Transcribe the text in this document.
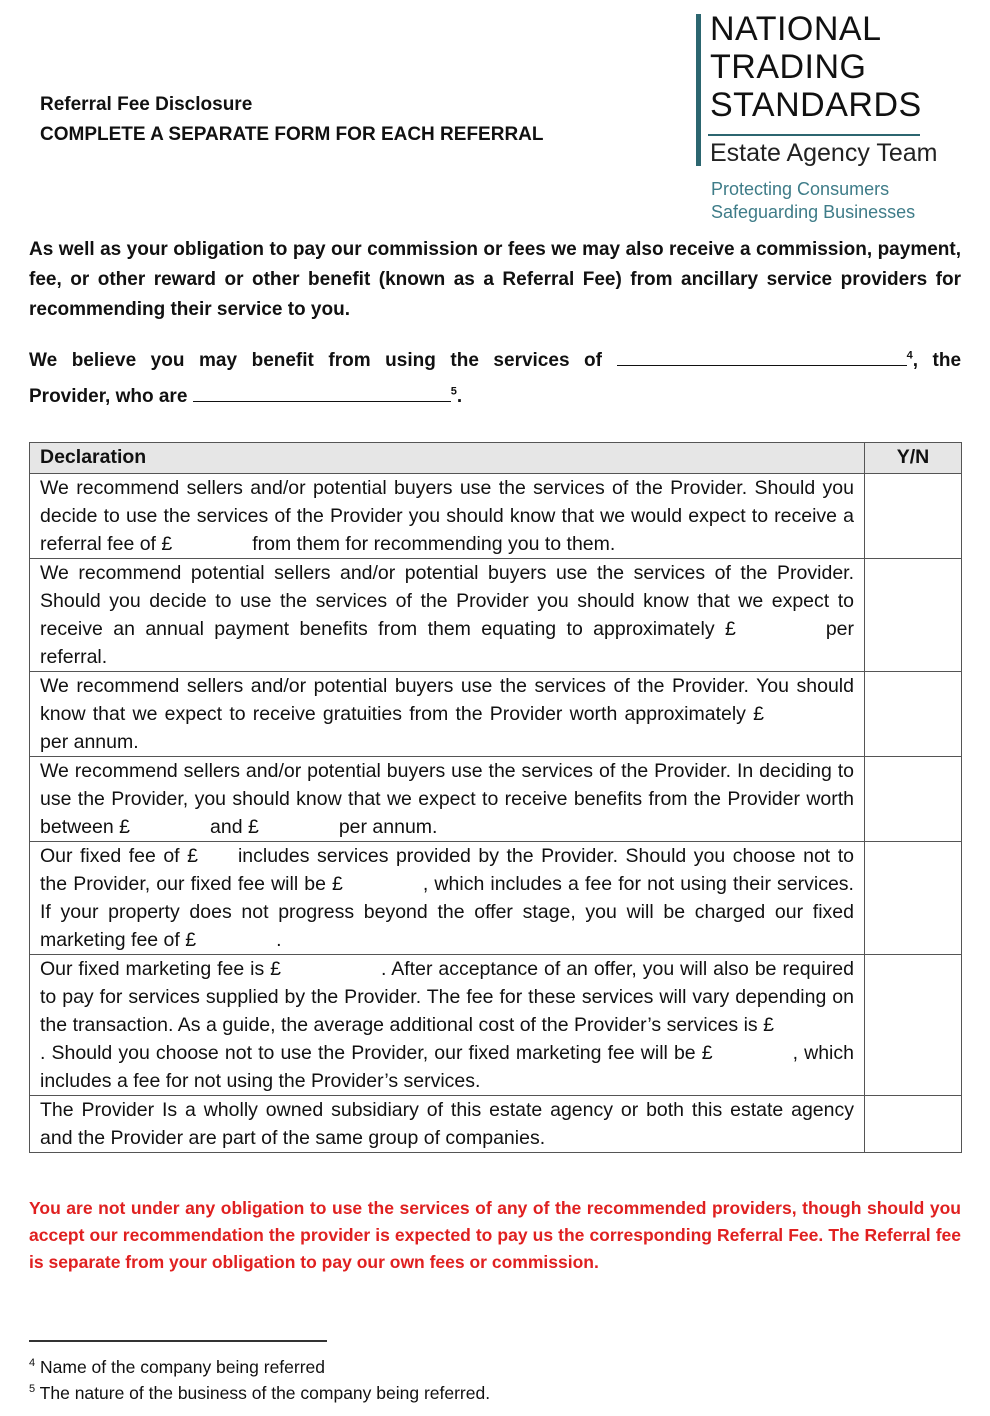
Referral Fee Disclosure
COMPLETE A SEPARATE FORM FOR EACH REFERRAL
NATIONAL
TRADING
STANDARDS
Estate Agency Team
Protecting Consumers
Safeguarding Businesses
As well as your obligation to pay our commission or fees we may also receive a commission, payment, fee, or other reward or other benefit (known as a Referral Fee) from ancillary service providers for recommending their service to you.
We believe you may benefit from using the services of	$^4$, the
Provider, who are	$^5$.
Declaration	Y/N
We recommend sellers and/or potential buyers use the services of the Provider. Should you decide to use the services of the Provider you should know that we would expect to receive a referral fee of £ from them for recommending you to them.	
We recommend potential sellers and/or potential buyers use the services of the Provider. Should you decide to use the services of the Provider you should know that we expect to receive an annual payment benefits from them equating to approximately £ per referral.	
We recommend sellers and/or potential buyers use the services of the Provider. You should know that we expect to receive gratuities from the Provider worth approximately £per annum.	
We recommend sellers and/or potential buyers use the services of the Provider. In deciding to use the Provider, you should know that we expect to receive benefits from the Provider worth between £ and £ per annum.	
Our fixed fee of £ includes services provided by the Provider. Should you choose not to the Provider, our fixed fee will be £ , which includes a fee for not using their services. If your property does not progress beyond the offer stage, you will be charged our fixed marketing fee of £ .	
Our fixed marketing fee is £ . After acceptance of an offer, you will also be required to pay for services supplied by the Provider. The fee for these services will vary depending on the transaction. As a guide, the average additional cost of the Provider’s services is £. Should you choose not to use the Provider, our fixed marketing fee will be £ , which includes a fee for not using the Provider’s services.	
The Provider Is a wholly owned subsidiary of this estate agency or both this estate agency and the Provider are part of the same group of companies.	
You are not under any obligation to use the services of any of the recommended providers, though should you accept our recommendation the provider is expected to pay us the corresponding Referral Fee. The Referral fee is separate from your obligation to pay our own fees or commission.
$^4$ Name of the company being referred
$^5$ The nature of the business of the company being referred.
